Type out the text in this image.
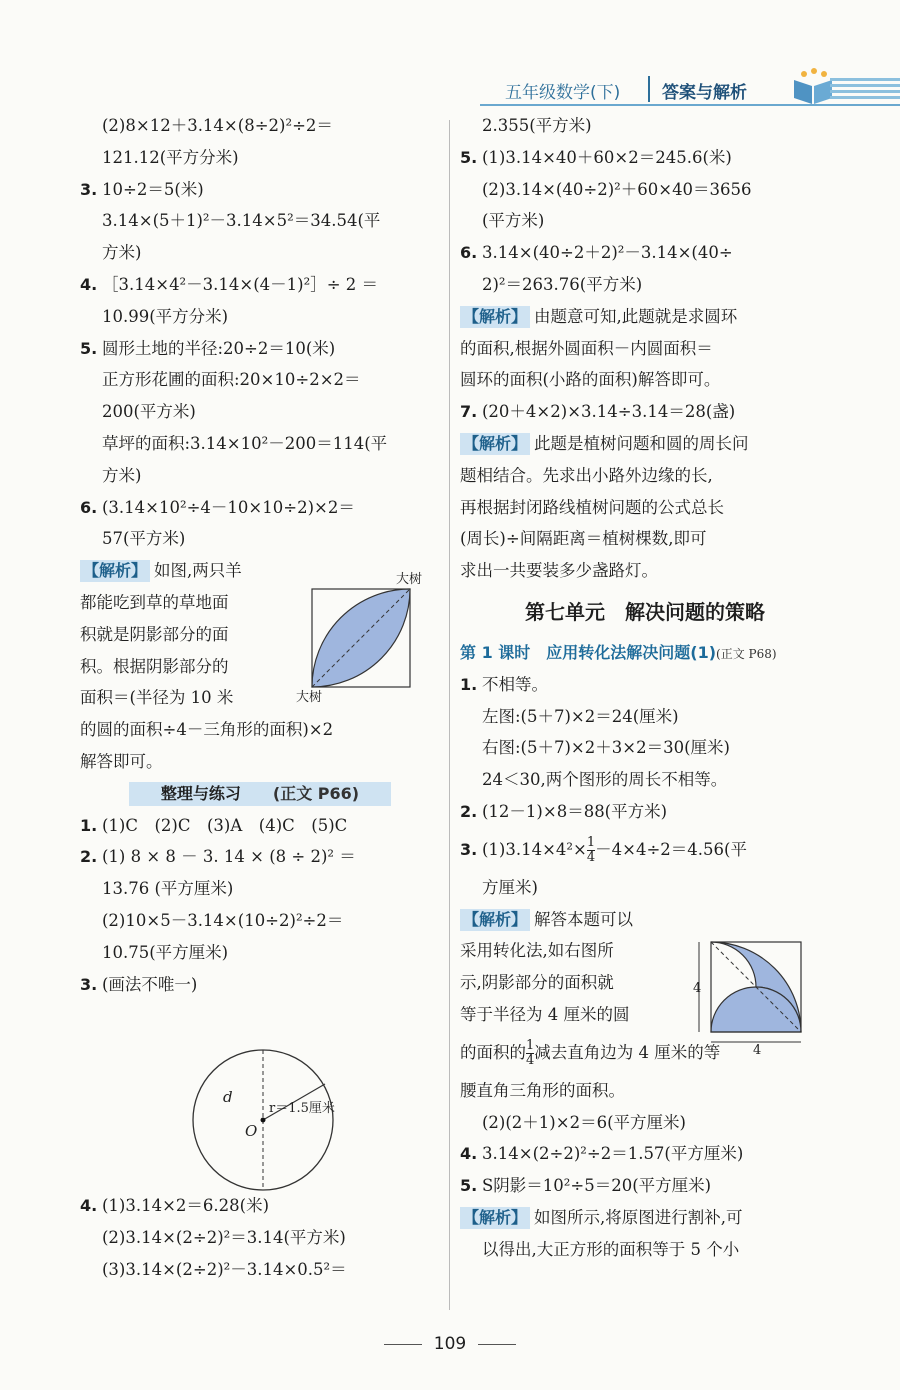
五年级数学(下) 答案与解析
(2)8×12＋3.14×(8÷2)²÷2＝
121.12(平方分米)
3. 10÷2＝5(米)
3.14×(5＋1)²－3.14×5²＝34.54(平
方米)
4. ［3.14×4²－3.14×(4－1)²］÷ 2 ＝
10.99(平方分米)
5. 圆形土地的半径:20÷2＝10(米)
正方形花圃的面积:20×10÷2×2＝
200(平方米)
草坪的面积:3.14×10²－200＝114(平
方米)
6. (3.14×10²÷4－10×10÷2)×2＝
57(平方米)
【解析】 如图,两只羊
都能吃到草的草地面
积就是阴影部分的面
积。根据阴影部分的
面积＝(半径为 10 米
的圆的面积÷4－三角形的面积)×2
解答即可。
整理与练习 (正文 P66)
1. (1)C　(2)C　(3)A　(4)C　(5)C
2. (1) 8 × 8 － 3. 14 × (8 ÷ 2)² ＝
13.76 (平方厘米)
(2)10×5－3.14×(10÷2)²÷2＝
10.75(平方厘米)
3. (画法不唯一)
4. (1)3.14×2＝6.28(米)
(2)3.14×(2÷2)²＝3.14(平方米)
(3)3.14×(2÷2)²－3.14×0.5²＝
大树
大树
d
r＝1.5厘米
O
2.355(平方米)
5. (1)3.14×40＋60×2＝245.6(米)
(2)3.14×(40÷2)²＋60×40＝3656
(平方米)
6. 3.14×(40÷2＋2)²－3.14×(40÷
2)²＝263.76(平方米)
【解析】 由题意可知,此题就是求圆环
的面积,根据外圆面积－内圆面积＝
圆环的面积(小路的面积)解答即可。
7. (20＋4×2)×3.14÷3.14＝28(盏)
【解析】 此题是植树问题和圆的周长问
题相结合。先求出小路外边缘的长,
再根据封闭路线植树问题的公式总长
(周长)÷间隔距离＝植树棵数,即可
求出一共要装多少盏路灯。
第七单元　解决问题的策略
第 1 课时　应用转化法解决问题(1)(正文 P68)
1. 不相等。
左图:(5＋7)×2＝24(厘米)
右图:(5＋7)×2＋3×2＝30(厘米)
24＜30,两个图形的周长不相等。
2. (12－1)×8＝88(平方米)
3. $(1)3.14\times 4^2\times \frac{1}{4} -4\times 4\div 2=4.56$(平
方厘米)
【解析】 解答本题可以
采用转化法,如右图所
示,阴影部分的面积就
等于半径为 4 厘米的圆
的面积的 $\frac{1}{4}$ 减去直角边为 4 厘米的等
腰直角三角形的面积。
(2)(2＋1)×2＝6(平方厘米)
4. 3.14×(2÷2)²÷2＝1.57(平方厘米)
5. S阴影＝10²÷5＝20(平方厘米)
【解析】 如图所示,将原图进行割补,可
以得出,大正方形的面积等于 5 个小
4
4
109
